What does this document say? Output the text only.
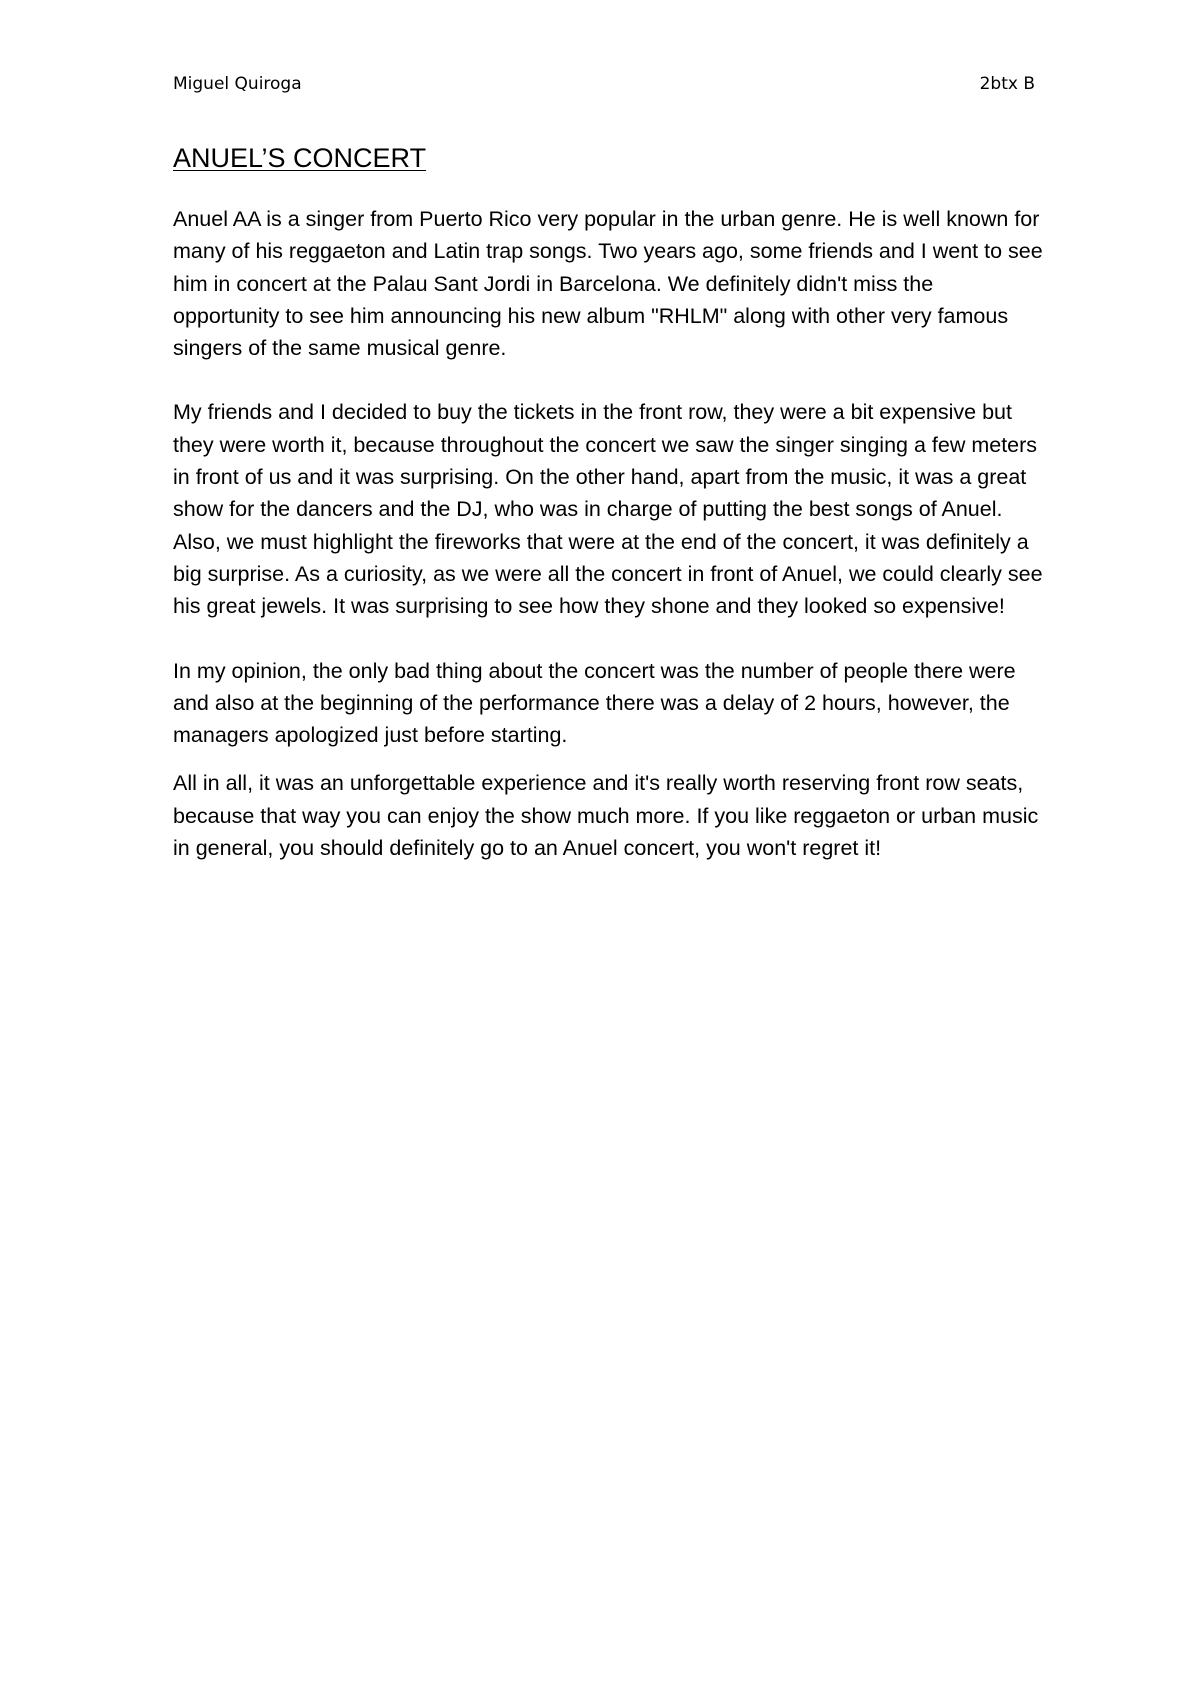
Miguel Quiroga	2btx B
ANUEL’S CONCERT

Anuel AA is a singer from Puerto Rico very popular in the urban genre. He is well known for many of his reggaeton and Latin trap songs. Two years ago, some friends and I went to see him in concert at the Palau Sant Jordi in Barcelona. We definitely didn't miss the opportunity to see him announcing his new album "RHLM" along with other very famous singers of the same musical genre.

My friends and I decided to buy the tickets in the front row, they were a bit expensive but they were worth it, because throughout the concert we saw the singer singing a few meters in front of us and it was surprising. On the other hand, apart from the music, it was a great show for the dancers and the DJ, who was in charge of putting the best songs of Anuel. Also, we must highlight the fireworks that were at the end of the concert, it was definitely a big surprise. As a curiosity, as we were all the concert in front of Anuel, we could clearly see his great jewels. It was surprising to see how they shone and they looked so expensive!

In my opinion, the only bad thing about the concert was the number of people there were and also at the beginning of the performance there was a delay of 2 hours, however, the managers apologized just before starting.

All in all, it was an unforgettable experience and it's really worth reserving front row seats, because that way you can enjoy the show much more. If you like reggaeton or urban music in general, you should definitely go to an Anuel concert, you won't regret it!
